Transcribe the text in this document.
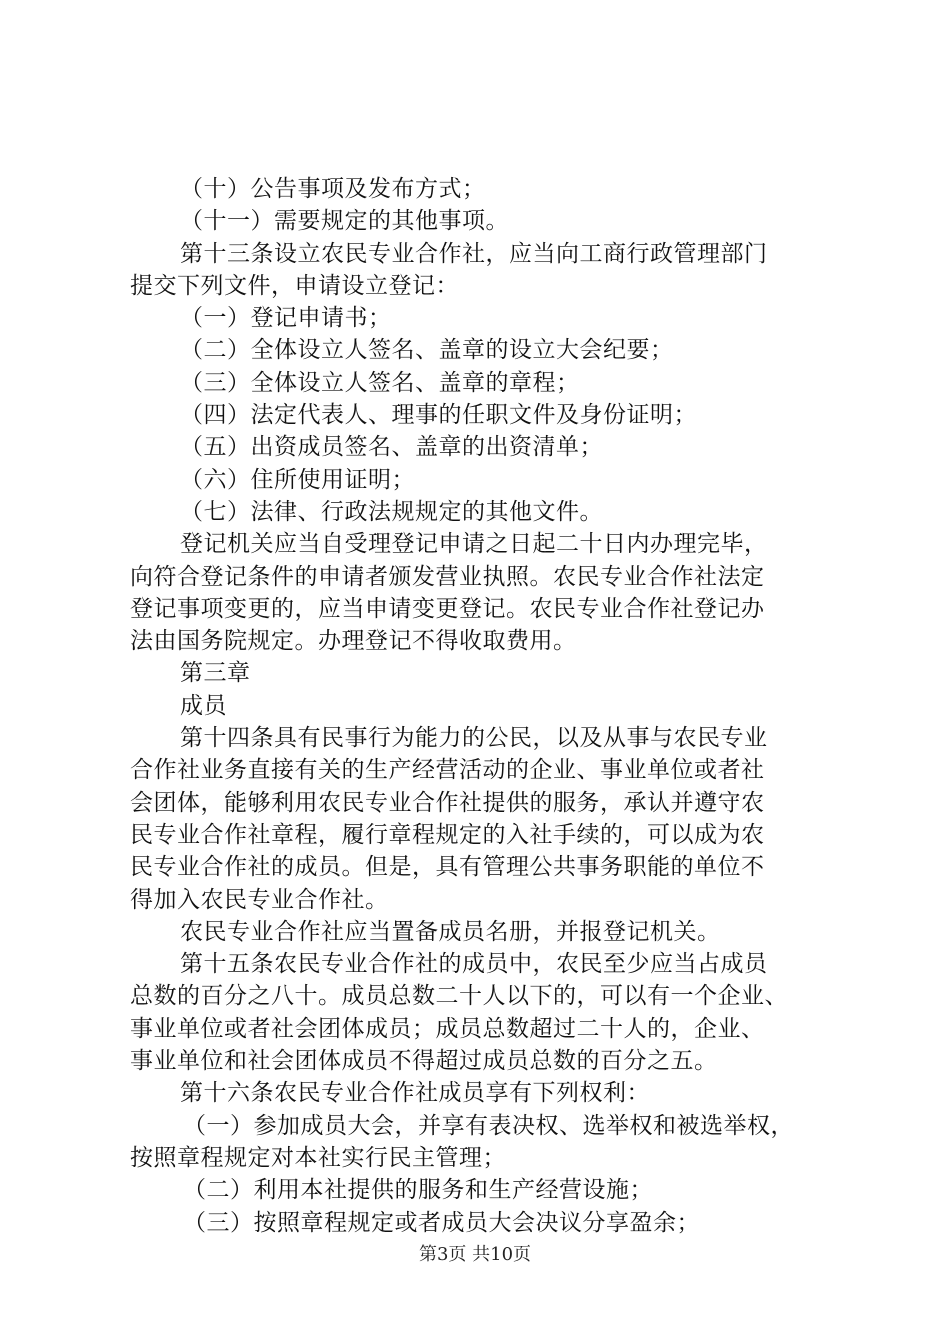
（十）公告事项及发布方式；
（十一）需要规定的其他事项。
第十三条设立农民专业合作社，应当向工商行政管理部门
提交下列文件，申请设立登记：
（一）登记申请书；
（二）全体设立人签名、盖章的设立大会纪要；
（三）全体设立人签名、盖章的章程；
（四）法定代表人、理事的任职文件及身份证明；
（五）出资成员签名、盖章的出资清单；
（六）住所使用证明；
（七）法律、行政法规规定的其他文件。
登记机关应当自受理登记申请之日起二十日内办理完毕，
向符合登记条件的申请者颁发营业执照。农民专业合作社法定
登记事项变更的，应当申请变更登记。农民专业合作社登记办
法由国务院规定。办理登记不得收取费用。
第三章
成员
第十四条具有民事行为能力的公民，以及从事与农民专业
合作社业务直接有关的生产经营活动的企业、事业单位或者社
会团体，能够利用农民专业合作社提供的服务，承认并遵守农
民专业合作社章程，履行章程规定的入社手续的，可以成为农
民专业合作社的成员。但是，具有管理公共事务职能的单位不
得加入农民专业合作社。
农民专业合作社应当置备成员名册，并报登记机关。
第十五条农民专业合作社的成员中，农民至少应当占成员
总数的百分之八十。成员总数二十人以下的，可以有一个企业、
事业单位或者社会团体成员；成员总数超过二十人的，企业、
事业单位和社会团体成员不得超过成员总数的百分之五。
第十六条农民专业合作社成员享有下列权利：
（一）参加成员大会，并享有表决权、选举权和被选举权，
按照章程规定对本社实行民主管理；
（二）利用本社提供的服务和生产经营设施；
（三）按照章程规定或者成员大会决议分享盈余；
第3页 共10页
